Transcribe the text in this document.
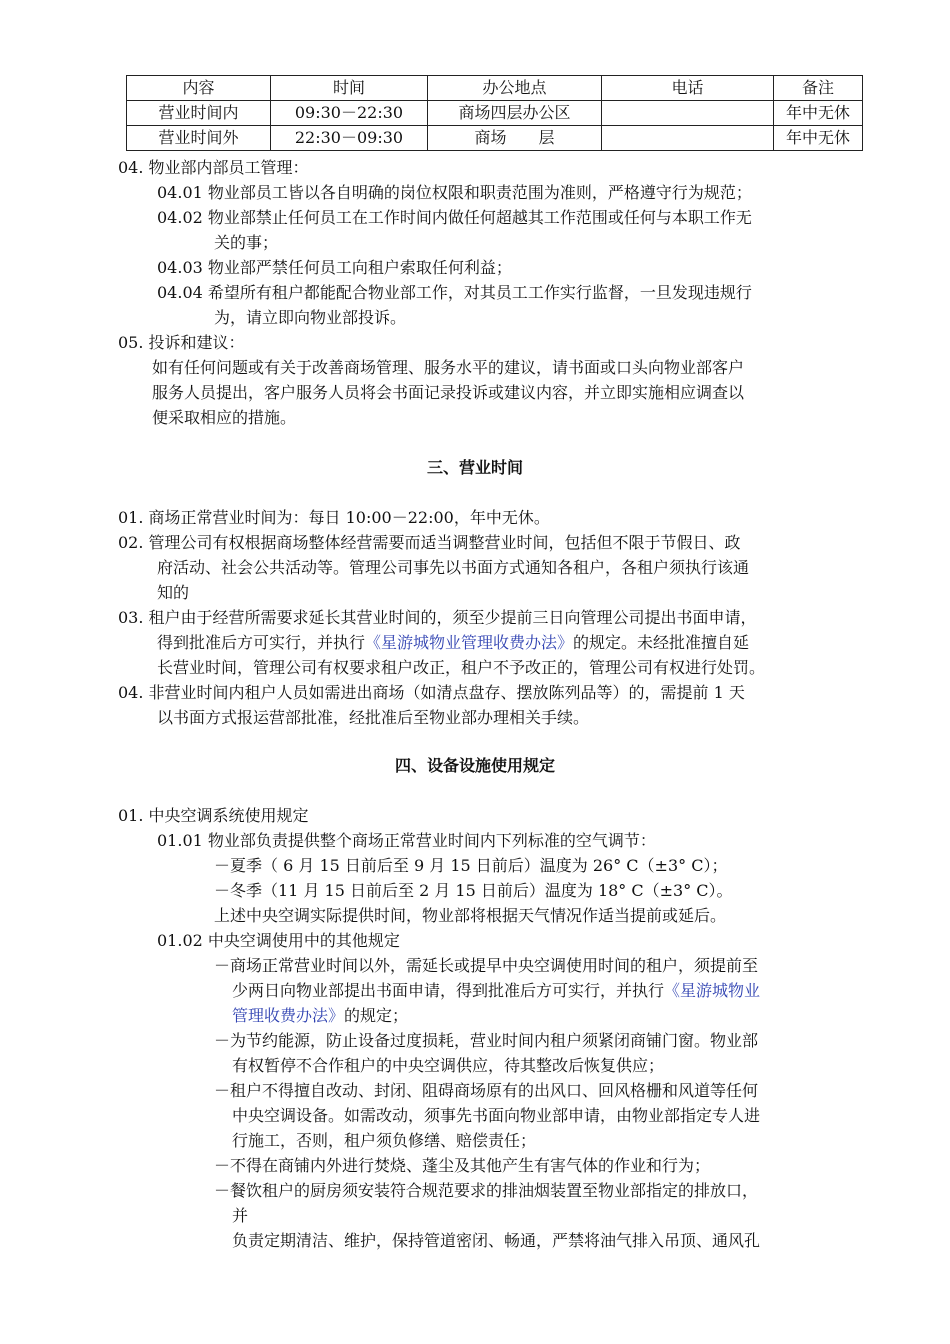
内容	时间	办公地点	电话	备注
营业时间内	09:30－22:30	商场四层办公区		年中无休
营业时间外	22:30－09:30	商场　　层		年中无休
04. 物业部内部员工管理：
04.01 物业部员工皆以各自明确的岗位权限和职责范围为准则，严格遵守行为规范；
04.02 物业部禁止任何员工在工作时间内做任何超越其工作范围或任何与本职工作无
关的事；
04.03 物业部严禁任何员工向租户索取任何利益；
04.04 希望所有租户都能配合物业部工作，对其员工工作实行监督，一旦发现违规行
为，请立即向物业部投诉。
05. 投诉和建议：
如有任何问题或有关于改善商场管理、服务水平的建议，请书面或口头向物业部客户
服务人员提出，客户服务人员将会书面记录投诉或建议内容，并立即实施相应调查以
便采取相应的措施。
三、营业时间
01. 商场正常营业时间为：每日 10:00－22:00，年中无休。
02. 管理公司有权根据商场整体经营需要而适当调整营业时间，包括但不限于节假日、政
府活动、社会公共活动等。管理公司事先以书面方式通知各租户，各租户须执行该通
知的
03. 租户由于经营所需要求延长其营业时间的，须至少提前三日向管理公司提出书面申请，
得到批准后方可实行，并执行《星游城物业管理收费办法》的规定。未经批准擅自延
长营业时间，管理公司有权要求租户改正，租户不予改正的，管理公司有权进行处罚。
04. 非营业时间内租户人员如需进出商场（如清点盘存、摆放陈列品等）的，需提前 1 天
以书面方式报运营部批准，经批准后至物业部办理相关手续。
四、设备设施使用规定
01. 中央空调系统使用规定
01.01 物业部负责提供整个商场正常营业时间内下列标准的空气调节：
－夏季（ 6 月 15 日前后至 9 月 15 日前后）温度为 26° C（±3° C）；
－冬季（11 月 15 日前后至 2 月 15 日前后）温度为 18° C（±3° C）。
上述中央空调实际提供时间，物业部将根据天气情况作适当提前或延后。
01.02 中央空调使用中的其他规定
－商场正常营业时间以外，需延长或提早中央空调使用时间的租户，须提前至
少两日向物业部提出书面申请，得到批准后方可实行，并执行《星游城物业
管理收费办法》的规定；
－为节约能源，防止设备过度损耗，营业时间内租户须紧闭商铺门窗。物业部
有权暂停不合作租户的中央空调供应，待其整改后恢复供应；
－租户不得擅自改动、封闭、阻碍商场原有的出风口、回风格栅和风道等任何
中央空调设备。如需改动，须事先书面向物业部申请，由物业部指定专人进
行施工，否则，租户须负修缮、赔偿责任；
－不得在商铺内外进行焚烧、蓬尘及其他产生有害气体的作业和行为；
－餐饮租户的厨房须安装符合规范要求的排油烟装置至物业部指定的排放口，
并
负责定期清洁、维护，保持管道密闭、畅通，严禁将油气排入吊顶、通风孔
